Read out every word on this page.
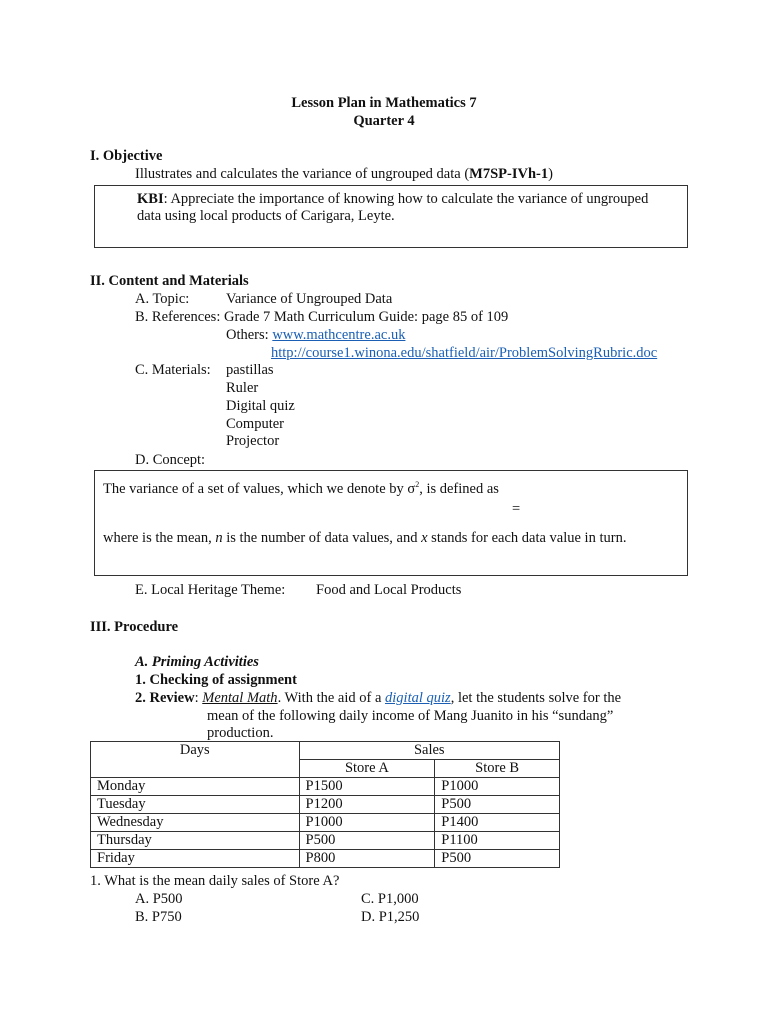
Lesson Plan in Mathematics 7
Quarter 4
I. Objective
Illustrates and calculates the variance of ungrouped data (M7SP-IVh-1)
KBI: Appreciate the importance of knowing how to calculate the variance of ungrouped
data using local products of Carigara, Leyte.
II. Content and Materials
A. Topic:	Variance of Ungrouped Data
B. References: Grade 7 Math Curriculum Guide: page 85 of 109
Others: www.mathcentre.ac.uk
http://course1.winona.edu/shatfield/air/ProblemSolvingRubric.doc
C. Materials: pastillas
Ruler
Digital quiz
Computer
Projector
D. Concept:
The variance of a set of values, which we denote by $\sigma^2$, is defined as
=
where is the mean, n is the number of data values, and x stands for each data value in turn.
E. Local Heritage Theme: Food and Local Products
III. Procedure
A. Priming Activities
1. Checking of assignment
2. Review: Mental Math. With the aid of a digital quiz, let the students solve for the
mean of the following daily income of Mang Juanito in his “sundang”
production.
Days	Sales	
	Store A	Store B
Monday	P1500	P1000
Tuesday	P1200	P500
Wednesday	P1000	P1400
Thursday	P500	P1100
Friday	P800	P500
1. What is the mean daily sales of Store A?
A. P500	C. P1,000
B. P750	D. P1,250
